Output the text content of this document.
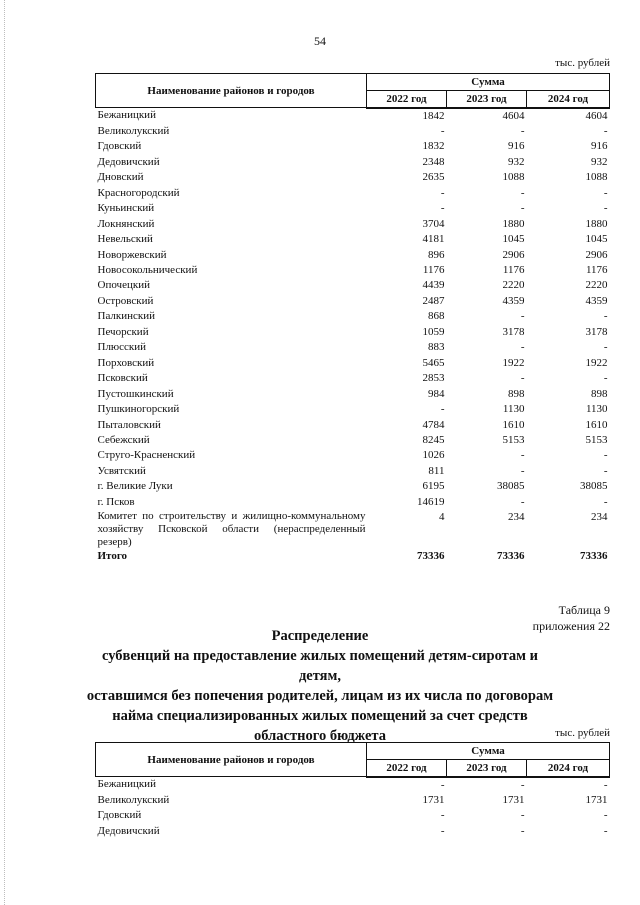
54
тыс. рублей
Наименование районов и городов	Сумма		
	2022 год	2023 год	2024 год
Бежаницкий	1842	4604	4604
Великолукский	-	-	-
Гдовский	1832	916	916
Дедовичский	2348	932	932
Дновский	2635	1088	1088
Красногородский	-	-	-
Куньинский	-	-	-
Локнянский	3704	1880	1880
Невельский	4181	1045	1045
Новоржевский	896	2906	2906
Новосокольнический	1176	1176	1176
Опочецкий	4439	2220	2220
Островский	2487	4359	4359
Палкинский	868	-	-
Печорский	1059	3178	3178
Плюсский	883	-	-
Порховский	5465	1922	1922
Псковский	2853	-	-
Пустошкинский	984	898	898
Пушкиногорский	-	1130	1130
Пыталовский	4784	1610	1610
Себежский	8245	5153	5153
Струго-Красненский	1026	-	-
Усвятский	811	-	-
г. Великие Луки	6195	38085	38085
г. Псков	14619	-	-
Комитет по строительству и жилищно-коммунальному хозяйству Псковской области (нераспределенный резерв)	4	234	234
Итого	73336	73336	73336
Таблица 9
приложения 22
Распределение
субвенций на предоставление жилых помещений детям-сиротам и детям,
оставшимся без попечения родителей, лицам из их числа по договорам
найма специализированных жилых помещений за счет средств
областного бюджета	тыс. рублей
Наименование районов и городов	Сумма		
	2022 год	2023 год	2024 год
Бежаницкий	-	-	-
Великолукский	1731	1731	1731
Гдовский	-	-	-
Дедовичский	-	-	-
